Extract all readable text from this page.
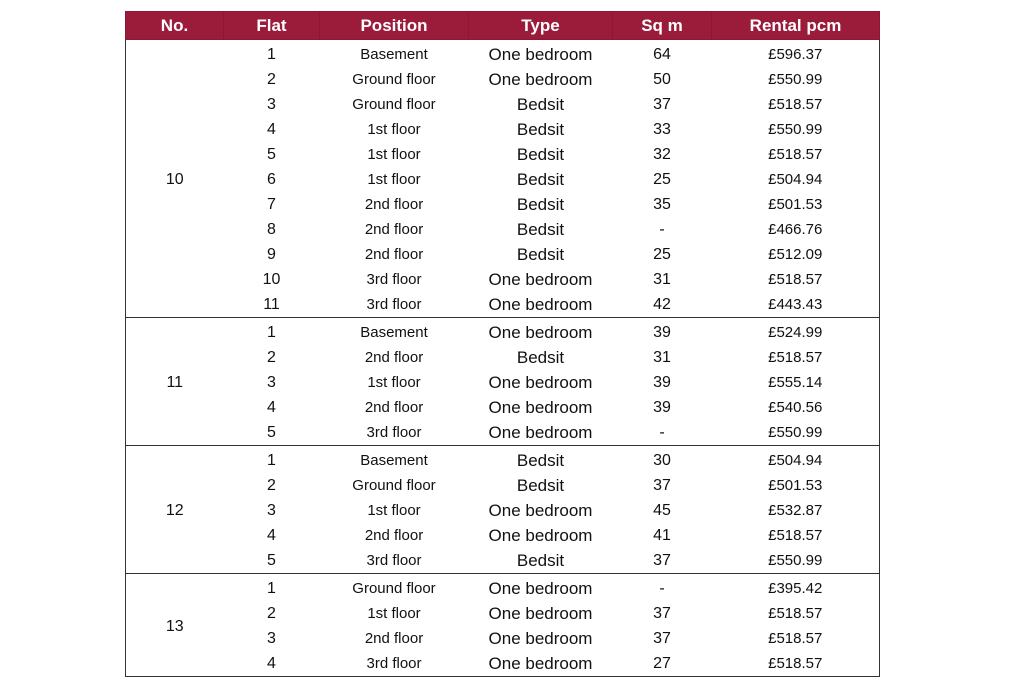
No.	Flat	Position	Type	Sq m	Rental pcm
10	1	Basement	One bedroom	64	£596.37
	2	Ground floor	One bedroom	50	£550.99
	3	Ground floor	Bedsit	37	£518.57
	4	1st floor	Bedsit	33	£550.99
	5	1st floor	Bedsit	32	£518.57
	6	1st floor	Bedsit	25	£504.94
	7	2nd floor	Bedsit	35	£501.53
	8	2nd floor	Bedsit	-	£466.76
	9	2nd floor	Bedsit	25	£512.09
	10	3rd floor	One bedroom	31	£518.57
	11	3rd floor	One bedroom	42	£443.43
11	1	Basement	One bedroom	39	£524.99
	2	2nd floor	Bedsit	31	£518.57
	3	1st floor	One bedroom	39	£555.14
	4	2nd floor	One bedroom	39	£540.56
	5	3rd floor	One bedroom	-	£550.99
12	1	Basement	Bedsit	30	£504.94
	2	Ground floor	Bedsit	37	£501.53
	3	1st floor	One bedroom	45	£532.87
	4	2nd floor	One bedroom	41	£518.57
	5	3rd floor	Bedsit	37	£550.99
13	1	Ground floor	One bedroom	-	£395.42
	2	1st floor	One bedroom	37	£518.57
	3	2nd floor	One bedroom	37	£518.57
	4	3rd floor	One bedroom	27	£518.57
